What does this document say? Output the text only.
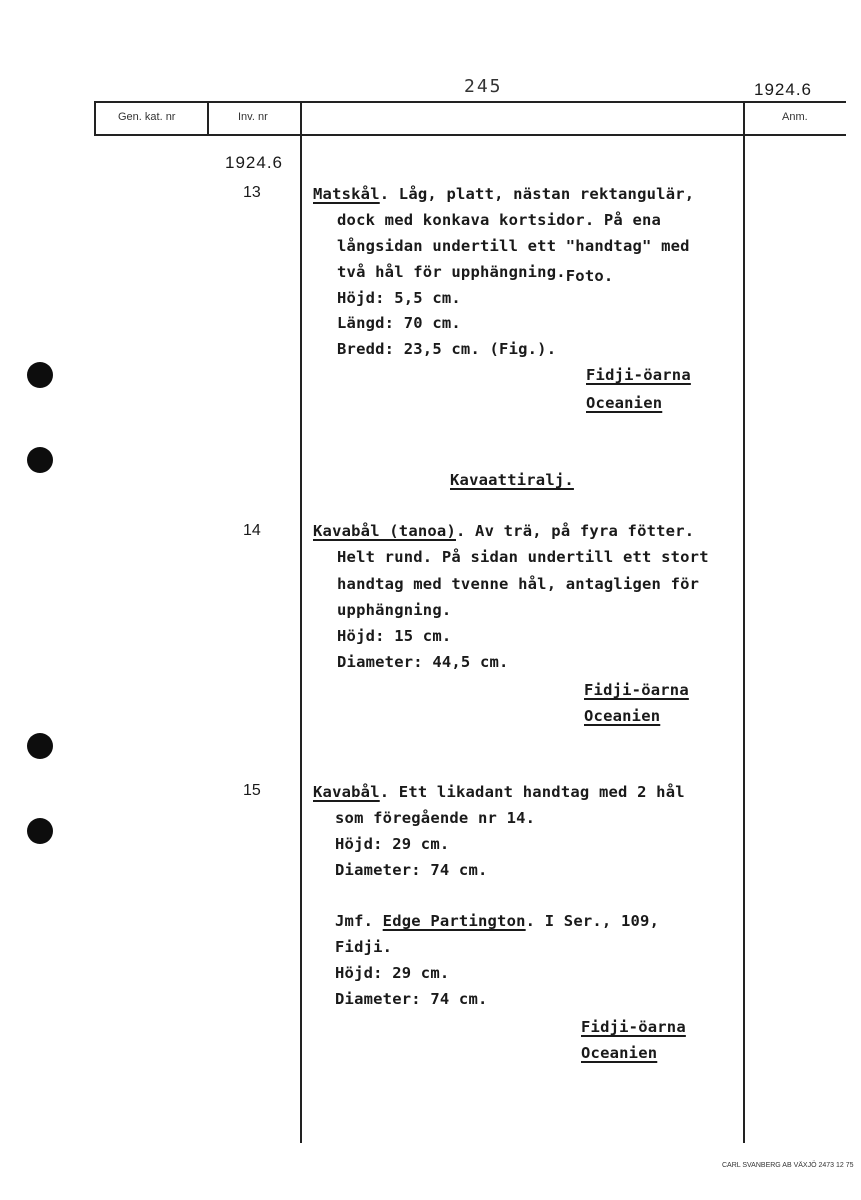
245	1924.6
Gen. kat. nr	Inv. nr	Anm.
1924.6
13	Matskål. Låg, platt, nästan rektangulär,
dock med konkava kortsidor. På ena
långsidan undertill ett "handtag" med
två hål för upphängning.Foto.
Höjd: 5,5 cm.
Längd: 70 cm.
Bredd: 23,5 cm. (Fig.).
Fidji-öarna
Oceanien
Kavaattiralj.
14	Kavabål (tanoa). Av trä, på fyra fötter.
Helt rund. På sidan undertill ett stort
handtag med tvenne hål, antagligen för
upphängning.
Höjd: 15 cm.
Diameter: 44,5 cm.
Fidji-öarna
Oceanien
15	Kavabål. Ett likadant handtag med 2 hål
som föregående nr 14.
Höjd: 29 cm.
Diameter: 74 cm.
Jmf. Edge Partington. I Ser., 109,
Fidji.
Höjd: 29 cm.
Diameter: 74 cm.
Fidji-öarna
Oceanien
CARL SVANBERG AB VÄXJÖ 2473 12 75
